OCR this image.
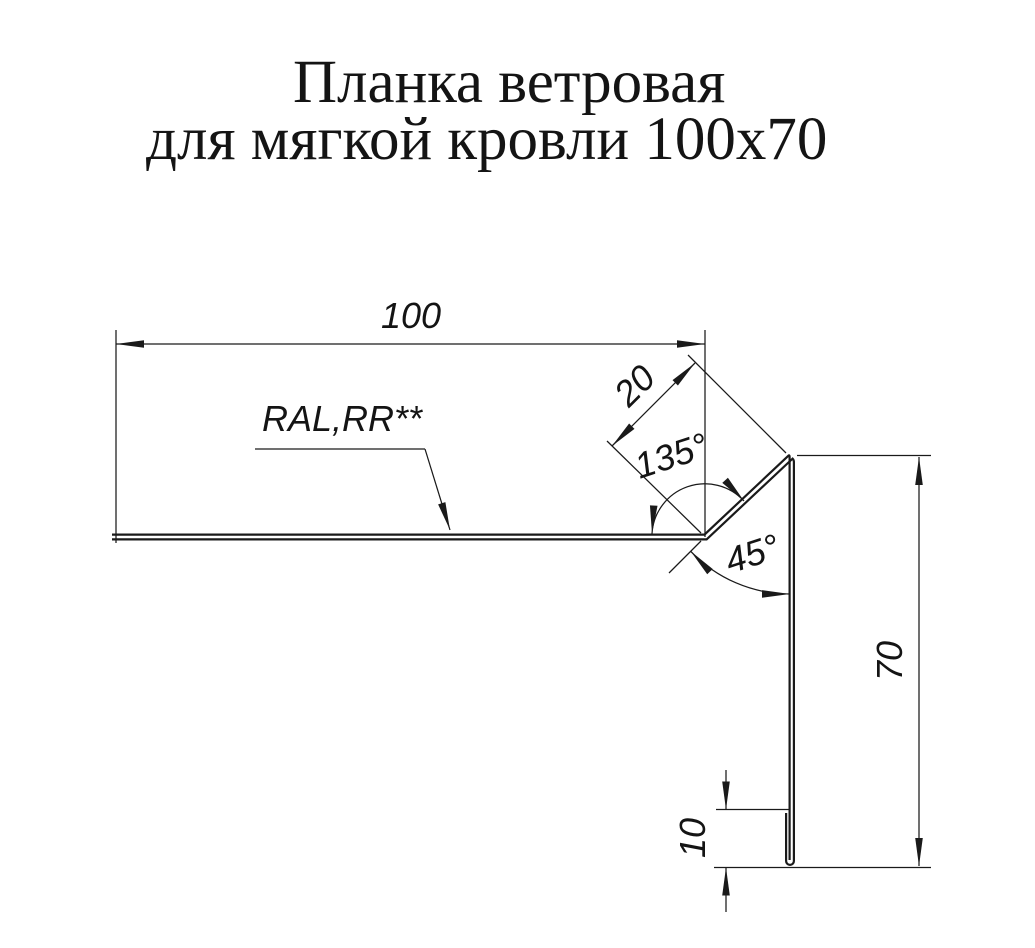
Планка ветровая
для мягкой кровли 100x70
100
20
135°
45°
70
10
RAL,RR**
